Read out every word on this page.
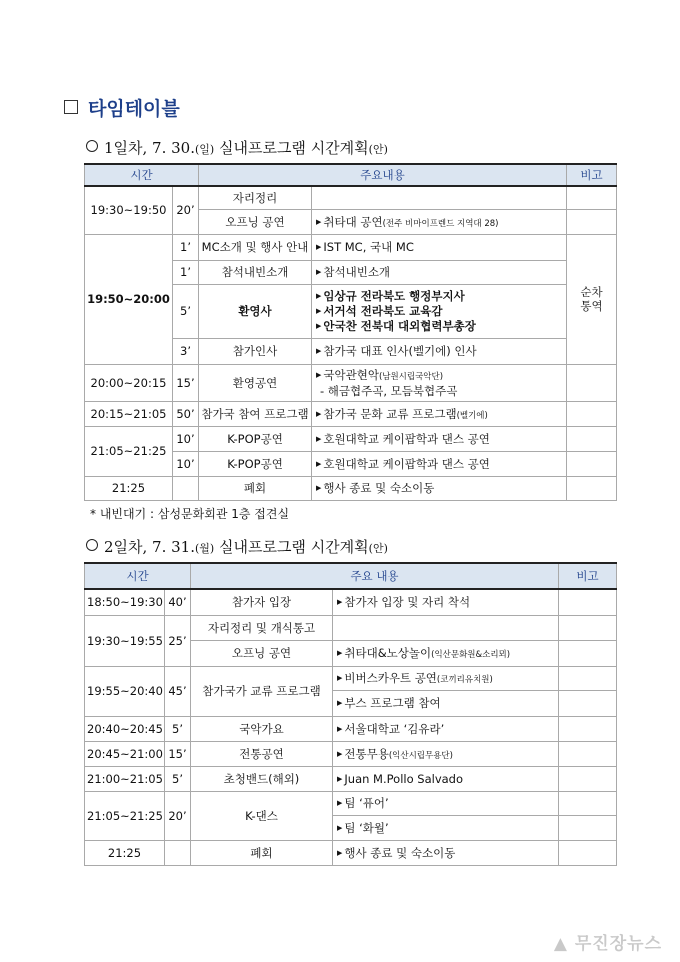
타임테이블
1일차, 7. 30.(일) 실내프로그램 시간계획(안)
시간		주요내용		비고
19:30~19:50	20’	자리정리		
		오프닝 공연	▶ 취타대 공연(전주 비마이프렌드 지역대 28)	
19:50~20:00	1’	MC소개 및 행사 안내	▶ IST MC, 국내 MC	순차
통역
	1’	참석내빈소개	▶ 참석내빈소개	
	5’	환영사	▶ 임상규 전라북도 행정부지사
▶ 서거석 전라북도 교육감
▶ 안국찬 전북대 대외협력부총장	

	3’	참가인사	▶ 참가국 대표 인사(벨기에) 인사	
20:00~20:15	15’	환영공연	▶ 국악관현악(남원시립국악단)
- 해금협주곡, 모듬북협주곡	

20:15~21:05	50’	참가국 참여 프로그램	▶ 참가국 문화 교류 프로그램(벨기에)	
21:05~21:25	10’	K-POP공연	▶ 호원대학교 케이팝학과 댄스 공연	
	10’	K-POP공연	▶ 호원대학교 케이팝학과 댄스 공연	
21:25		폐회	▶ 행사 종료 및 숙소이동	
* 내빈대기 : 삼성문화회관 1층 접견실
2일차, 7. 31.(월) 실내프로그램 시간계획(안)
시간		주요 내용		비고
18:50~19:30	40’	참가자 입장	▶ 참가자 입장 및 자리 착석	
19:30~19:55	25’	자리정리 및 개식통고		
		오프닝 공연	▶ 취타대&노상놀이(익산문화원&소리뫼)	
19:55~20:40	45’	참가국가 교류 프로그램	▶ 비버스카우트 공연(코끼리유치원)	
			▶ 부스 프로그램 참여	
20:40~20:45	5’	국악가요	▶ 서울대학교 ‘김유라’	
20:45~21:00	15’	전통공연	▶ 전통무용(익산시립무용단)	
21:00~21:05	5’	초청밴드(해외)	▶ Juan M.Pollo Salvado	
21:05~21:25	20’	K-댄스	▶ 팀 ‘퓨어’	
			▶ 팀 ‘화월’	
21:25		폐회	▶ 행사 종료 및 숙소이동	
▲ 무진장뉴스
